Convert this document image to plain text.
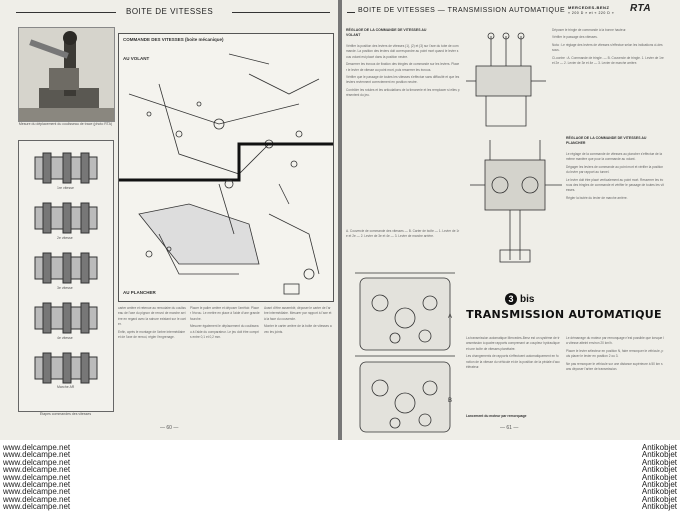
BOITE DE VITESSES
Mesure du déplacement du coulisseau de trace (photo RTA)
1re vitesse
2e vitesse
3e vitesse
4e vitesse
Marche AR
Étapes commandes des vitesses
COMMANDE DES VITESSES (boite mécanique)
AU VOLANT
AU PLANCHER

carter arrière et retenue au renvoiaire du coulisseau de l'axe du pignon de renvoi de marche arrière en regard avec la rainure existant sur le carter.

Enfin, après le montage de l'arbre intermédiaire et de l'axe de renvoi, régler l'engrenage.

Placer le palier arrière et déposer l'arrêtoir. Placer l'écrou. Le mettre en place à l'aide d'une grande fourche.

Mesurer également le déplacement du coulisseau à l'aide du comparateur. Le jeu doit être compris entre 0,1 et 0,2 mm.

Avant d'être assemblé, déposer le carter de l'arbre intermédiaire. Mesurer par rapport à l'axe et à la face du couvercle.

Monter le carter arrière de la boîte de vitesses avec les joints.

— 60 —
BOITE DE VITESSES — TRANSMISSION AUTOMATIQUE MERCEDES-BENZ
« 200 D » et « 220 D » RTA
RÉGLAGE DE LA COMMANDE DE VITESSES AU VOLANT

Vérifier la position des leviers de vitesses (1), (2) et (3) sur l'axe du tube de commande. La position des leviers doit correspondre au point mort quand le levier sous volant est placé dans la position neutre.

Desserrer les écrous de fixation des tringles de commande sur les leviers. Placer le levier de vitesse au point mort, puis resserrer les écrous.

Vérifier que le passage de toutes les vitesses s'effectue sans difficulté et que les leviers reviennent correctement en position neutre.

Contrôler les rotules et les articulations de la timonerie et les remplacer si elles présentent du jeu.

A. Couvercle de commande des vitesses — B. Carter de boîte — 1. Levier de 1re et 2e — 2. Levier de 3e et 4e — 3. Levier de marche arrière.

A
B

Déposer le tringle de commande à la bonne hauteur.

Vérifier le passage des vitesses.

Nota : Le réglage des leviers de vitesses s'effectue selon les indications ci-dessous.

Ci-contre : A. Commande de tringle. — B. Couvercle de tringle. 1. Levier de 1re et 2e — 2. Levier de 3e et 4e — 3. Levier de marche arrière.

RÉGLAGE DE LA COMMANDE DE VITESSES AU PLANCHER

Le réglage de la commande de vitesses au plancher s'effectue de la même manière que pour la commande au volant.

Dégager les leviers de commande au point mort et vérifier la position du levier par rapport au tunnel.

Le levier doit être placé verticalement au point mort. Resserrer les écrous des tringles de commande et vérifier le passage de toutes les vitesses.

Régler la butée du levier de marche arrière.

3 bis
TRANSMISSION AUTOMATIQUE

La transmission automatique Mercedes-Benz est un système de transmission à quatre rapports comprenant un coupleur hydraulique et une boîte de vitesses planétaire.

Les changements de rapports s'effectuent automatiquement en fonction de la vitesse du véhicule et de la position de la pédale d'accélérateur.

Lancement du moteur par remorquage

Le démarrage du moteur par remorquage n'est possible que lorsque la vitesse atteint environ 20 km/h.

Placer le levier sélecteur en position N, faire remorquer le véhicule, puis placer le levier en position 2 ou 3.

Ne pas remorquer le véhicule sur une distance supérieure à 50 km sans déposer l'arbre de transmission.

— 61 —
www.delcampe.net	Antikobjet
www.delcampe.net	Antikobjet
www.delcampe.net	Antikobjet
www.delcampe.net	Antikobjet
www.delcampe.net	Antikobjet
www.delcampe.net	Antikobjet
www.delcampe.net	Antikobjet
www.delcampe.net	Antikobjet
www.delcampe.net	Antikobjet
